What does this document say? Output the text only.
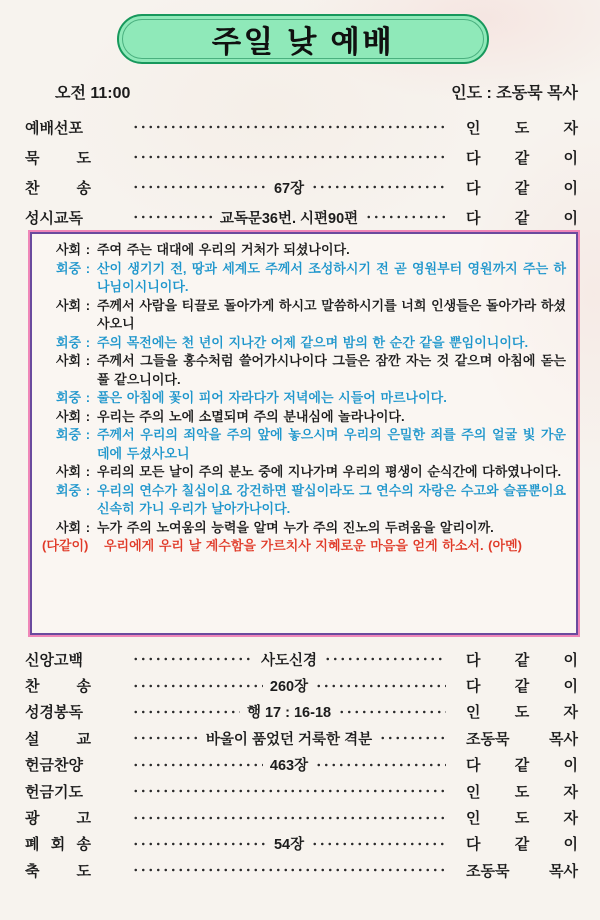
주일 낮 예배
오전 11:00	인도 : 조동묵 목사
예배선포	인 도 자
묵 도	다 같 이
찬 송	67장	다 같 이
성시교독	교독문36번. 시편90편	다 같 이
사회 : 주여 주는 대대에 우리의 거처가 되셨나이다.
회중 : 산이 생기기 전, 땅과 세계도 주께서 조성하시기 전 곧 영원부터 영원까지 주는 하나님이시니이다.
사회 : 주께서 사람을 티끌로 돌아가게 하시고 말씀하시기를 너희 인생들은 돌아가라 하셨사오니
회중 : 주의 목전에는 천 년이 지나간 어제 같으며 밤의 한 순간 같을 뿐임이니이다.
사회 : 주께서 그들을 홍수처럼 쓸어가시나이다 그들은 잠깐 자는 것 같으며 아침에 돋는 풀 같으니이다.
회중 : 풀은 아침에 꽃이 피어 자라다가 저녁에는 시들어 마르나이다.
사회 : 우리는 주의 노에 소멸되며 주의 분내심에 놀라나이다.
회중 : 주께서 우리의 죄악을 주의 앞에 놓으시며 우리의 은밀한 죄를 주의 얼굴 빛 가운데에 두셨사오니
사회 : 우리의 모든 날이 주의 분노 중에 지나가며 우리의 평생이 순식간에 다하였나이다.
회중 : 우리의 연수가 칠십이요 강건하면 팔십이라도 그 연수의 자랑은 수고와 슬픔뿐이요 신속히 가니 우리가 날아가나이다.
사회 : 누가 주의 노여움의 능력을 알며 누가 주의 진노의 두려움을 알리이까.
(다같이) 우리에게 우리 날 계수함을 가르치사 지혜로운 마음을 얻게 하소서. (아멘)
신앙고백	사도신경	다 같 이
찬 송	260장	다 같 이
성경봉독	행 17 : 16-18	인 도 자
설 교	바울이 품었던 거룩한 격분	조동묵 목사
헌금찬양	463장	다 같 이
헌금기도	인 도 자
광 고	인 도 자
폐 회 송	54장	다 같 이
축 도	조동묵 목사
